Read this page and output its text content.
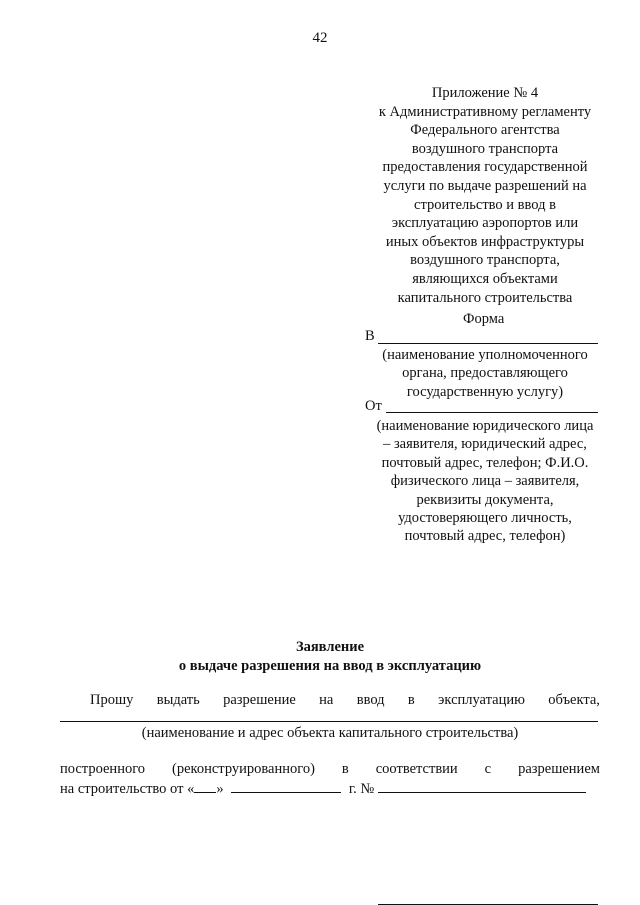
42
Приложение № 4
к Административному регламенту
Федерального агентства
воздушного транспорта
предоставления государственной
услуги по выдаче разрешений на
строительство и ввод в
эксплуатацию аэропортов или
иных объектов инфраструктуры
воздушного транспорта,
являющихся объектами
капитального строительства
Форма
В
(наименование уполномоченного
органа, предоставляющего
государственную услугу)
От
(наименование юридического лица
– заявителя, юридический адрес,
почтовый адрес, телефон; Ф.И.О.
физического лица – заявителя,
реквизиты документа,
удостоверяющего личность,
почтовый адрес, телефон)
Заявление
о выдаче разрешения на ввод в эксплуатацию
Прошу выдать разрешение на ввод в эксплуатацию объекта,
(наименование и адрес объекта капитального строительства)
построенного (реконструированного) в соответствии с разрешением
на строительство от « »	г. №
